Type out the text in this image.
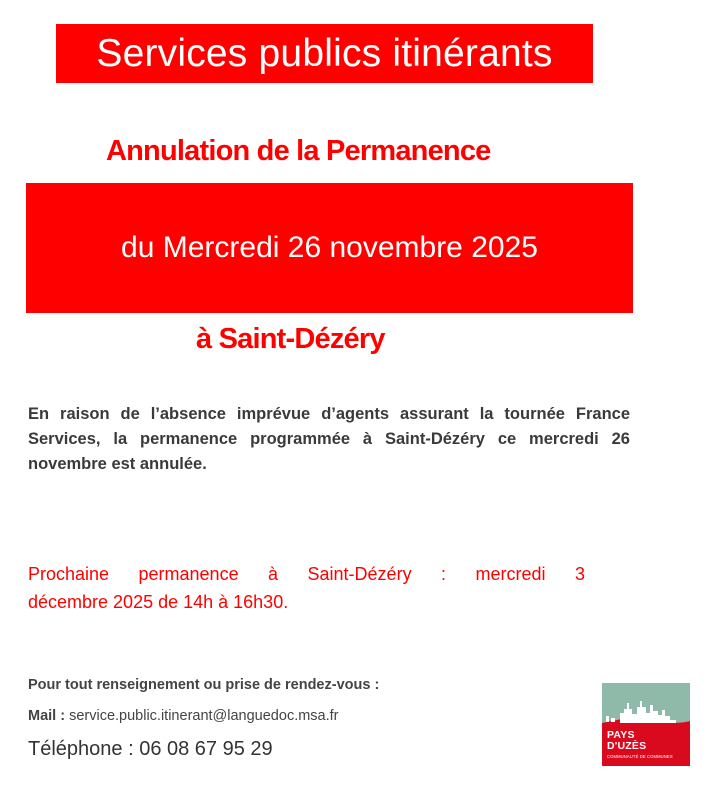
Services publics itinérants
Annulation de la Permanence
du Mercredi 26 novembre 2025
à Saint-Dézéry

En raison de l’absence imprévue d’agents assurant la tournée France Services, la permanence programmée à Saint-Dézéry ce mercredi 26 novembre est annulée.

Prochaine permanence à Saint-Dézéry : mercredi 3
décembre 2025 de 14h à 16h30.

Pour tout renseignement ou prise de rendez-vous :
Mail : service.public.itinerant@languedoc.msa.fr
Téléphone : 06 08 67 95 29
PAYS
D'UZÈS
COMMUNAUTÉ DE COMMUNES
